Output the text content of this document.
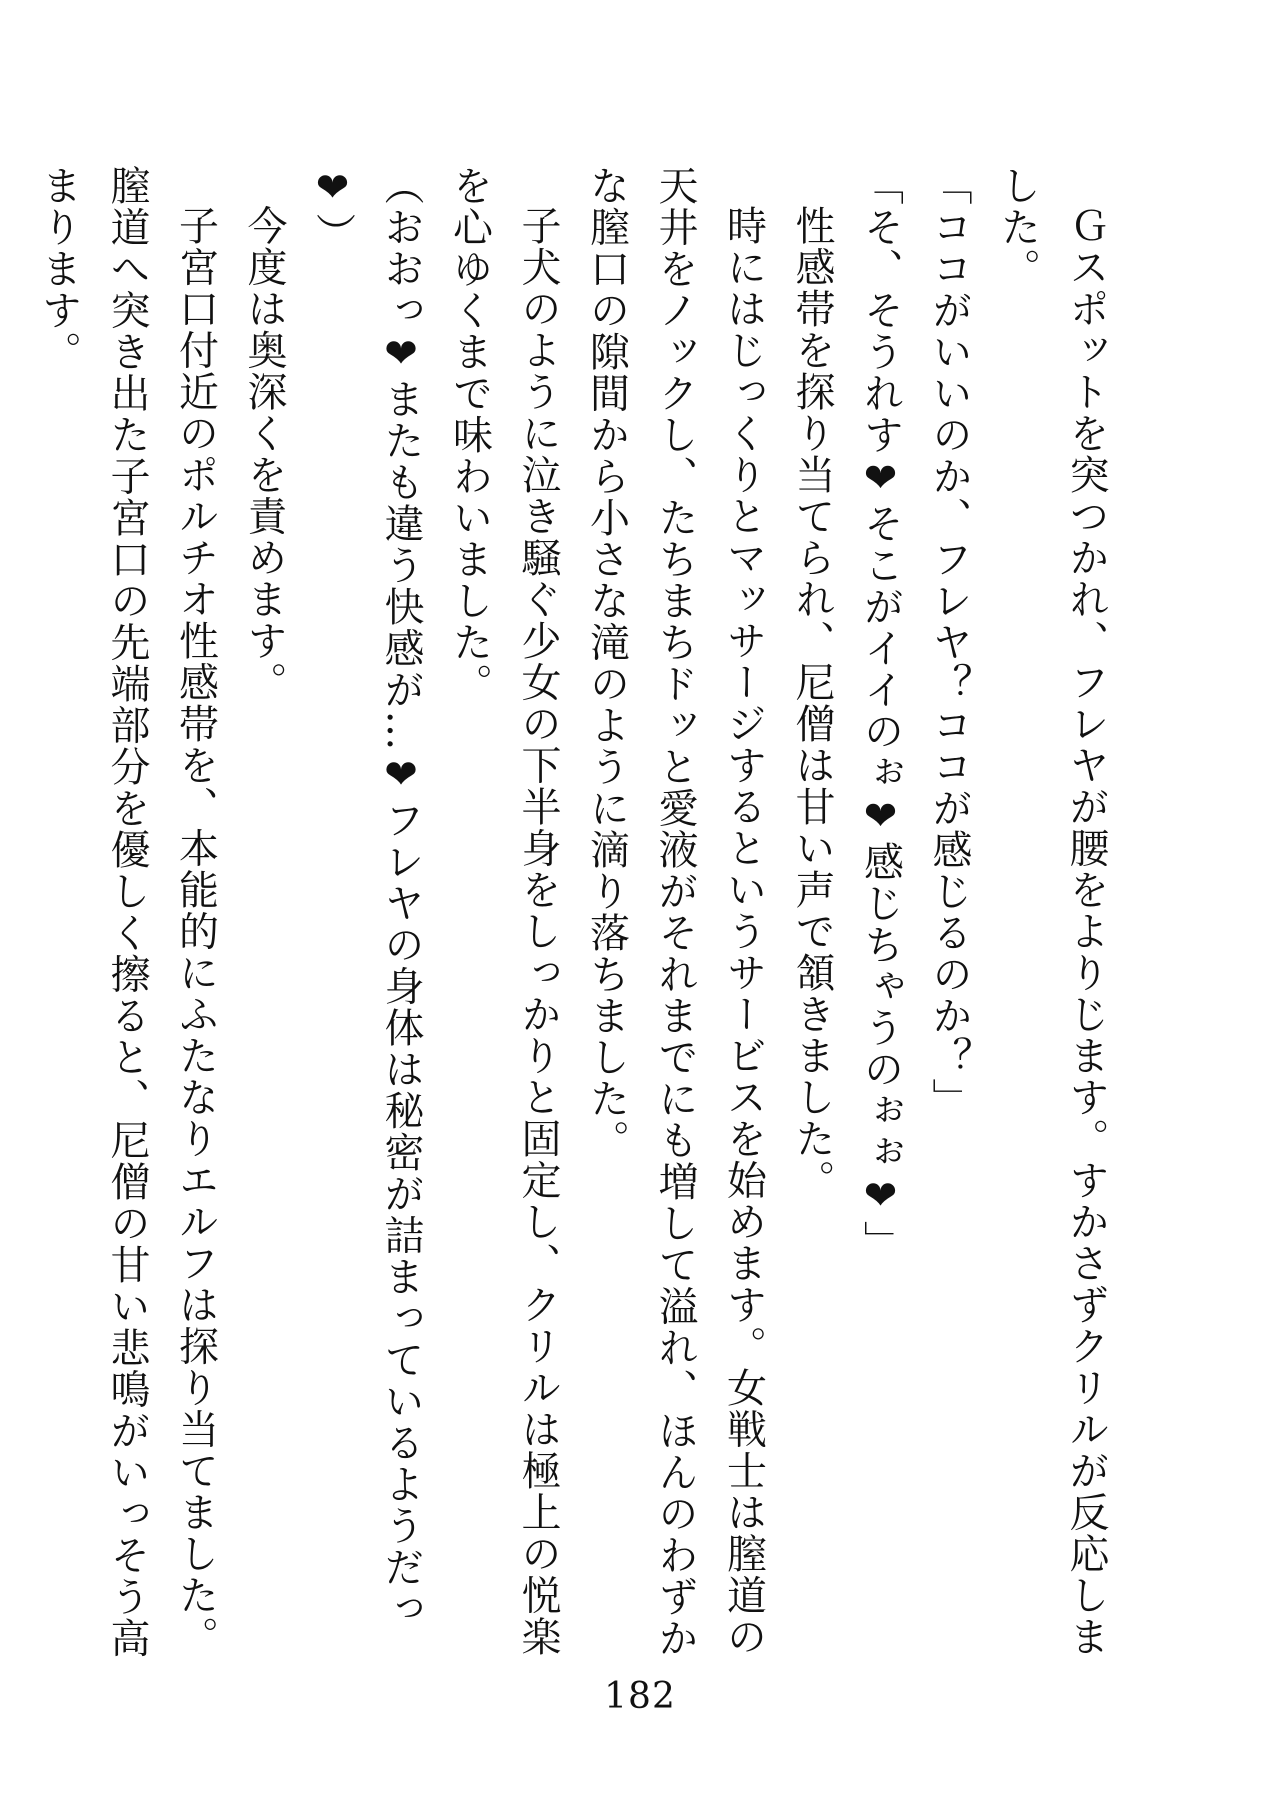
Ｇスポットを突つかれ、フレヤが腰をよりじます。すかさずクリルが反応しました。

「ココがいいのか、フレヤ？ココが感じるのか？」

「そ、そうれす❤そこがイイのぉ❤感じちゃうのぉぉ❤」

性感帯を探り当てられ、尼僧は甘い声で頷きました。

時にはじっくりとマッサージするというサービスを始めます。女戦士は膣道の天井をノックし、たちまちドッと愛液がそれまでにも増して溢れ、ほんのわずかな膣口の隙間から小さな滝のように滴り落ちました。

子犬のように泣き騒ぐ少女の下半身をしっかりと固定し、クリルは極上の悦楽を心ゆくまで味わいました。

（おおっ❤またも違う快感が…❤フレヤの身体は秘密が詰まっているようだっ❤）

今度は奥深くを責めます。

子宮口付近のポルチオ性感帯を、本能的にふたなりエルフは探り当てました。膣道へ突き出た子宮口の先端部分を優しく擦ると、尼僧の甘い悲鳴がいっそう高まります。

182
